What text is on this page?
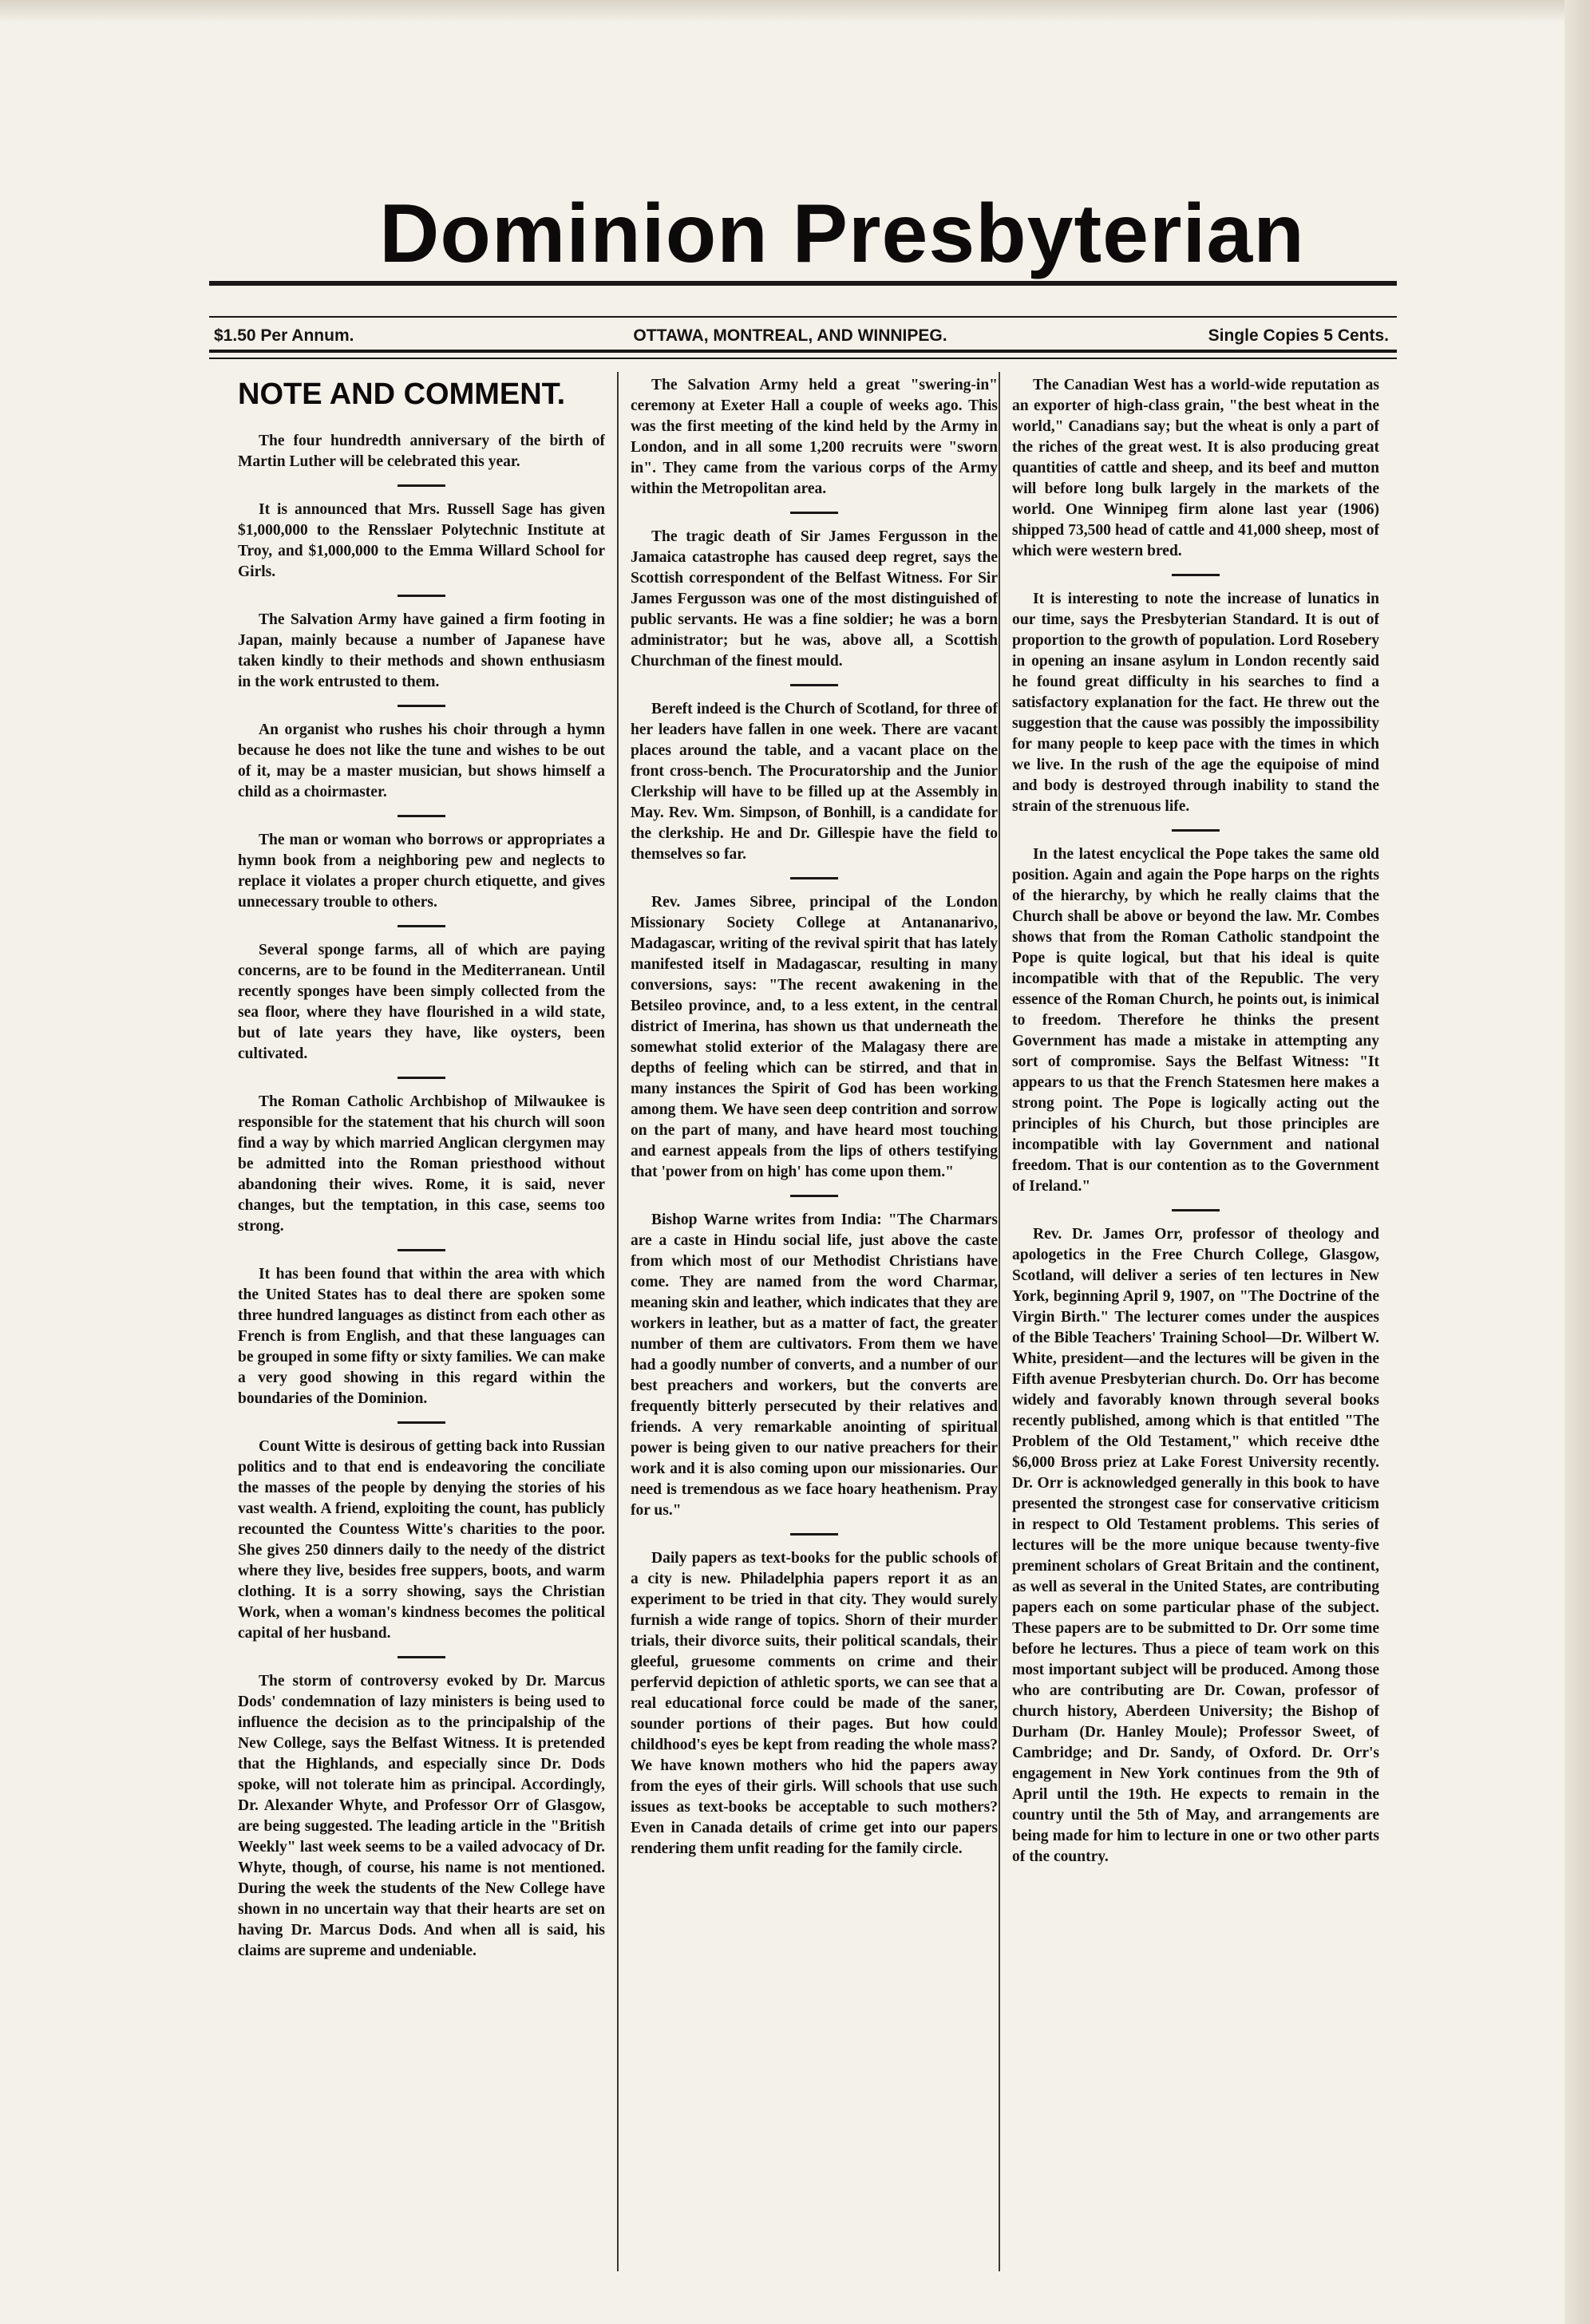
Dominion Presbyterian
$1.50 Per Annum.	OTTAWA, MONTREAL, AND WINNIPEG.	Single Copies 5 Cents.
NOTE AND COMMENT.

The four hundredth anniversary of the birth of Martin Luther will be celebrated this year.

It is announced that Mrs. Russell Sage has given $1,000,000 to the Rensslaer Polytechnic Institute at Troy, and $1,000,000 to the Emma Willard School for Girls.

The Salvation Army have gained a firm footing in Japan, mainly because a number of Japanese have taken kindly to their methods and shown enthusiasm in the work entrusted to them.

An organist who rushes his choir through a hymn because he does not like the tune and wishes to be out of it, may be a master musician, but shows himself a child as a choirmaster.

The man or woman who borrows or appropriates a hymn book from a neighboring pew and neglects to replace it violates a proper church etiquette, and gives unnecessary trouble to others.

Several sponge farms, all of which are paying concerns, are to be found in the Mediterranean. Until recently sponges have been simply collected from the sea floor, where they have flourished in a wild state, but of late years they have, like oysters, been cultivated.

The Roman Catholic Archbishop of Milwaukee is responsible for the statement that his church will soon find a way by which married Anglican clergymen may be admitted into the Roman priesthood without abandoning their wives. Rome, it is said, never changes, but the temptation, in this case, seems too strong.

It has been found that within the area with which the United States has to deal there are spoken some three hundred languages as distinct from each other as French is from English, and that these languages can be grouped in some fifty or sixty families. We can make a very good showing in this regard within the boundaries of the Dominion.

Count Witte is desirous of getting back into Russian politics and to that end is endeavoring the conciliate the masses of the people by denying the stories of his vast wealth. A friend, exploiting the count, has publicly recounted the Countess Witte's charities to the poor. She gives 250 dinners daily to the needy of the district where they live, besides free suppers, boots, and warm clothing. It is a sorry showing, says the Christian Work, when a woman's kindness becomes the political capital of her husband.

The storm of controversy evoked by Dr. Marcus Dods' condemnation of lazy ministers is being used to influence the decision as to the principalship of the New College, says the Belfast Witness. It is pretended that the Highlands, and especially since Dr. Dods spoke, will not tolerate him as principal. Accordingly, Dr. Alexander Whyte, and Professor Orr of Glasgow, are being suggested. The leading article in the "British Weekly" last week seems to be a vailed advocacy of Dr. Whyte, though, of course, his name is not mentioned. During the week the students of the New College have shown in no uncertain way that their hearts are set on having Dr. Marcus Dods. And when all is said, his claims are supreme and undeniable.

The Salvation Army held a great "swering-in" ceremony at Exeter Hall a couple of weeks ago. This was the first meeting of the kind held by the Army in London, and in all some 1,200 recruits were "sworn in". They came from the various corps of the Army within the Metropolitan area.

The tragic death of Sir James Fergusson in the Jamaica catastrophe has caused deep regret, says the Scottish correspondent of the Belfast Witness. For Sir James Fergusson was one of the most distinguished of public servants. He was a fine soldier; he was a born administrator; but he was, above all, a Scottish Churchman of the finest mould.

Bereft indeed is the Church of Scotland, for three of her leaders have fallen in one week. There are vacant places around the table, and a vacant place on the front cross-bench. The Procuratorship and the Junior Clerkship will have to be filled up at the Assembly in May. Rev. Wm. Simpson, of Bonhill, is a candidate for the clerkship. He and Dr. Gillespie have the field to themselves so far.

Rev. James Sibree, principal of the London Missionary Society College at Antananarivo, Madagascar, writing of the revival spirit that has lately manifested itself in Madagascar, resulting in many conversions, says: "The recent awakening in the Betsileo province, and, to a less extent, in the central district of Imerina, has shown us that underneath the somewhat stolid exterior of the Malagasy there are depths of feeling which can be stirred, and that in many instances the Spirit of God has been working among them. We have seen deep contrition and sorrow on the part of many, and have heard most touching and earnest appeals from the lips of others testifying that 'power from on high' has come upon them."

Bishop Warne writes from India: "The Charmars are a caste in Hindu social life, just above the caste from which most of our Methodist Christians have come. They are named from the word Charmar, meaning skin and leather, which indicates that they are workers in leather, but as a matter of fact, the greater number of them are cultivators. From them we have had a goodly number of converts, and a number of our best preachers and workers, but the converts are frequently bitterly persecuted by their relatives and friends. A very remarkable anointing of spiritual power is being given to our native preachers for their work and it is also coming upon our missionaries. Our need is tremendous as we face hoary heathenism. Pray for us."

Daily papers as text-books for the public schools of a city is new. Philadelphia papers report it as an experiment to be tried in that city. They would surely furnish a wide range of topics. Shorn of their murder trials, their divorce suits, their political scandals, their gleeful, gruesome comments on crime and their perfervid depiction of athletic sports, we can see that a real educational force could be made of the saner, sounder portions of their pages. But how could childhood's eyes be kept from reading the whole mass? We have known mothers who hid the papers away from the eyes of their girls. Will schools that use such issues as text-books be acceptable to such mothers? Even in Canada details of crime get into our papers rendering them unfit reading for the family circle.

The Canadian West has a world-wide reputation as an exporter of high-class grain, "the best wheat in the world," Canadians say; but the wheat is only a part of the riches of the great west. It is also producing great quantities of cattle and sheep, and its beef and mutton will before long bulk largely in the markets of the world. One Winnipeg firm alone last year (1906) shipped 73,500 head of cattle and 41,000 sheep, most of which were western bred.

It is interesting to note the increase of lunatics in our time, says the Presbyterian Standard. It is out of proportion to the growth of population. Lord Rosebery in opening an insane asylum in London recently said he found great difficulty in his searches to find a satisfactory explanation for the fact. He threw out the suggestion that the cause was possibly the impossibility for many people to keep pace with the times in which we live. In the rush of the age the equipoise of mind and body is destroyed through inability to stand the strain of the strenuous life.

In the latest encyclical the Pope takes the same old position. Again and again the Pope harps on the rights of the hierarchy, by which he really claims that the Church shall be above or beyond the law. Mr. Combes shows that from the Roman Catholic standpoint the Pope is quite logical, but that his ideal is quite incompatible with that of the Republic. The very essence of the Roman Church, he points out, is inimical to freedom. Therefore he thinks the present Government has made a mistake in attempting any sort of compromise. Says the Belfast Witness: "It appears to us that the French Statesmen here makes a strong point. The Pope is logically acting out the principles of his Church, but those principles are incompatible with lay Government and national freedom. That is our contention as to the Government of Ireland."

Rev. Dr. James Orr, professor of theology and apologetics in the Free Church College, Glasgow, Scotland, will deliver a series of ten lectures in New York, beginning April 9, 1907, on "The Doctrine of the Virgin Birth." The lecturer comes under the auspices of the Bible Teachers' Training School—Dr. Wilbert W. White, president—and the lectures will be given in the Fifth avenue Presbyterian church. Do. Orr has become widely and favorably known through several books recently published, among which is that entitled "The Problem of the Old Testament," which receive dthe $6,000 Bross priez at Lake Forest University recently. Dr. Orr is acknowledged generally in this book to have presented the strongest case for conservative criticism in respect to Old Testament problems. This series of lectures will be the more unique because twenty-five preminent scholars of Great Britain and the continent, as well as several in the United States, are contributing papers each on some particular phase of the subject. These papers are to be submitted to Dr. Orr some time before he lectures. Thus a piece of team work on this most important subject will be produced. Among those who are contributing are Dr. Cowan, professor of church history, Aberdeen University; the Bishop of Durham (Dr. Hanley Moule); Professor Sweet, of Cambridge; and Dr. Sandy, of Oxford. Dr. Orr's engagement in New York continues from the 9th of April until the 19th. He expects to remain in the country until the 5th of May, and arrangements are being made for him to lecture in one or two other parts of the country.
